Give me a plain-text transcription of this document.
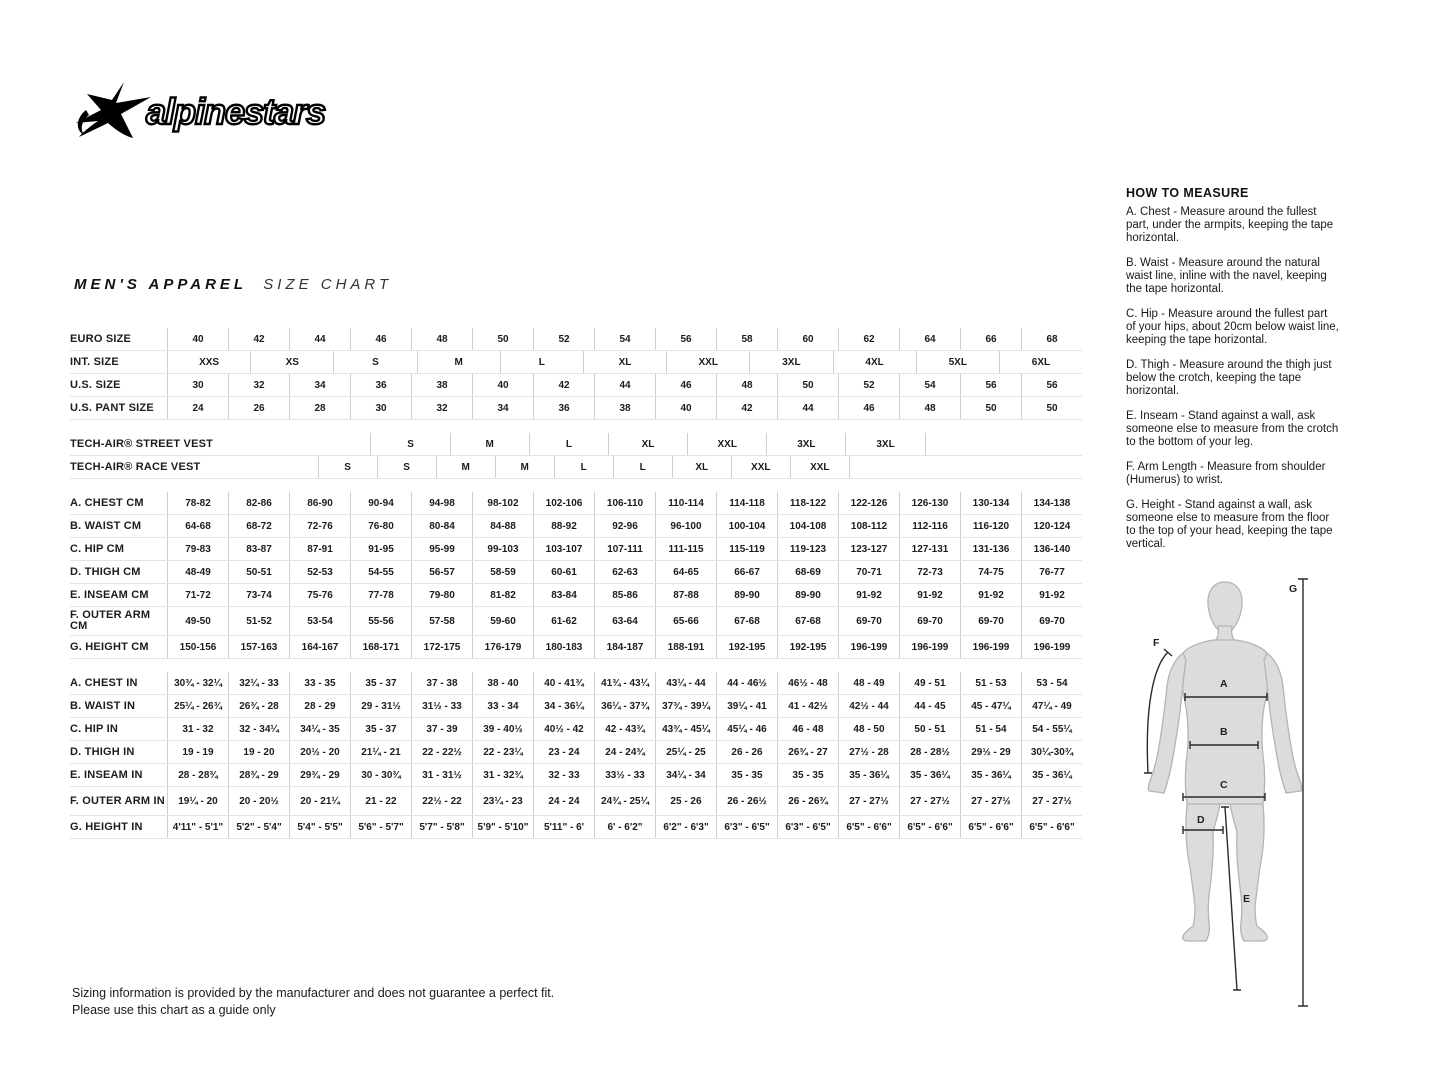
alpinestars
MEN'S APPAREL SIZE CHART
EURO SIZE	40	42	44	46	48	50	52	54	56	58	60	62	64	66	68
INT. SIZE	XXS	XS	S	M	L	XL	XXL	3XL	4XL	5XL	6XL
U.S. SIZE	30	32	34	36	38	40	42	44	46	48	50	52	54	56	56
U.S. PANT SIZE	24	26	28	30	32	34	36	38	40	42	44	46	48	50	50
TECH-AIR® STREET VEST	S	M	L	XL	XXL	3XL	3XL
TECH-AIR® RACE VEST	S	S	M	M	L	L	XL	XXL	XXL
A. CHEST CM	78-82	82-86	86-90	90-94	94-98	98-102	102-106	106-110	110-114	114-118	118-122	122-126	126-130	130-134	134-138
B. WAIST CM	64-68	68-72	72-76	76-80	80-84	84-88	88-92	92-96	96-100	100-104	104-108	108-112	112-116	116-120	120-124
C. HIP CM	79-83	83-87	87-91	91-95	95-99	99-103	103-107	107-111	111-115	115-119	119-123	123-127	127-131	131-136	136-140
D. THIGH CM	48-49	50-51	52-53	54-55	56-57	58-59	60-61	62-63	64-65	66-67	68-69	70-71	72-73	74-75	76-77
E. INSEAM CM	71-72	73-74	75-76	77-78	79-80	81-82	83-84	85-86	87-88	89-90	89-90	91-92	91-92	91-92	91-92
F. OUTER ARM CM	49-50	51-52	53-54	55-56	57-58	59-60	61-62	63-64	65-66	67-68	67-68	69-70	69-70	69-70	69-70
G. HEIGHT CM	150-156	157-163	164-167	168-171	172-175	176-179	180-183	184-187	188-191	192-195	192-195	196-199	196-199	196-199	196-199
A. CHEST IN	30¾ - 32¼	32¼ - 33	33 - 35	35 - 37	37 - 38	38 - 40	40 - 41¾	41¾ - 43¼	43¼ - 44	44 - 46½	46½ - 48	48 - 49	49 - 51	51 - 53	53 - 54
B. WAIST IN	25¼ - 26¾	26¾ - 28	28 - 29	29 - 31½	31½ - 33	33 - 34	34 - 36¼	36¼ - 37¾	37¾ - 39¼	39¼ - 41	41 - 42½	42½ - 44	44 - 45	45 - 47¼	47¼ - 49
C. HIP IN	31 - 32	32 - 34¼	34¼ - 35	35 - 37	37 - 39	39 - 40½	40½ - 42	42 - 43¾	43¾ - 45¼	45¼ - 46	46 - 48	48 - 50	50 - 51	51 - 54	54 - 55¼
D. THIGH IN	19 - 19	19 - 20	20½ - 20	21¼ - 21	22 - 22½	22 - 23¼	23 - 24	24 - 24¾	25¼ - 25	26 - 26	26¾ - 27	27½ - 28	28 - 28½	29½ - 29	30¼-30¾
E. INSEAM IN	28 - 28¾	28¾ - 29	29¾ - 29	30 - 30¾	31 - 31½	31 - 32¾	32 - 33	33½ - 33	34¼ - 34	35 - 35	35 - 35	35 - 36¼	35 - 36¼	35 - 36¼	35 - 36¼
F. OUTER ARM IN	19¼ - 20	20 - 20½	20 - 21¼	21 - 22	22½ - 22	23¼ - 23	24 - 24	24¾ - 25¼	25 - 26	26 - 26½	26 - 26¾	27 - 27½	27 - 27½	27 - 27½	27 - 27½
G. HEIGHT IN	4'11" - 5'1"	5'2" - 5'4"	5'4" - 5'5"	5'6" - 5'7"	5'7" - 5'8"	5'9" - 5'10"	5'11" - 6'	6' - 6'2"	6'2" - 6'3"	6'3" - 6'5"	6'3" - 6'5"	6'5" - 6'6"	6'5" - 6'6"	6'5" - 6'6"	6'5" - 6'6"
HOW TO MEASURE

A. Chest - Measure around the fullest part, under the armpits, keeping the tape horizontal.

B. Waist - Measure around the natural waist line, inline with the navel, keeping the tape horizontal.

C. Hip - Measure around the fullest part of your hips, about 20cm below waist line, keeping the tape horizontal.

D. Thigh - Measure around the thigh just below the crotch, keeping the tape horizontal.

E. Inseam - Stand against a wall, ask someone else to measure from the crotch to the bottom of your leg.

F. Arm Length - Measure from shoulder (Humerus) to wrist.

G. Height - Stand against a wall, ask someone else to measure from the floor to the top of your head, keeping the tape vertical.

A
B
C
D
E
F
G
Sizing information is provided by the manufacturer and does not guarantee a perfect fit.
Please use this chart as a guide only
